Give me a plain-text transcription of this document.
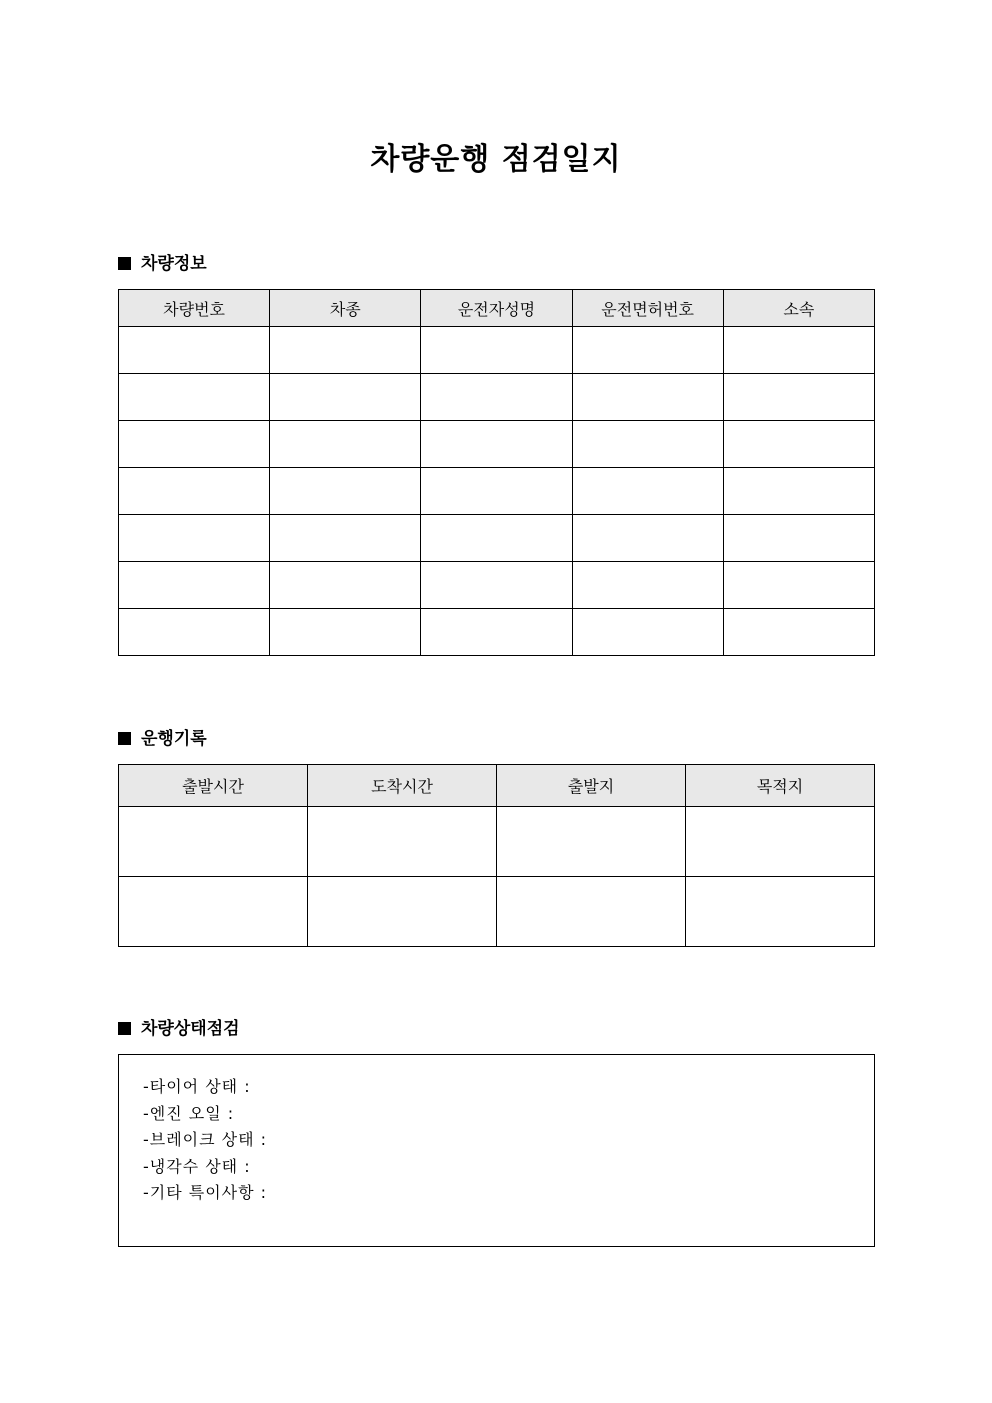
차량운행 점검일지
차량정보
차량번호	차종	운전자성명	운전면허번호	소속

운행기록
출발시간	도착시간	출발지	목적지

차량상태점검
-타이어 상태 :
-엔진 오일 :
-브레이크 상태 :
-냉각수 상태 :
-기타 특이사항 :
